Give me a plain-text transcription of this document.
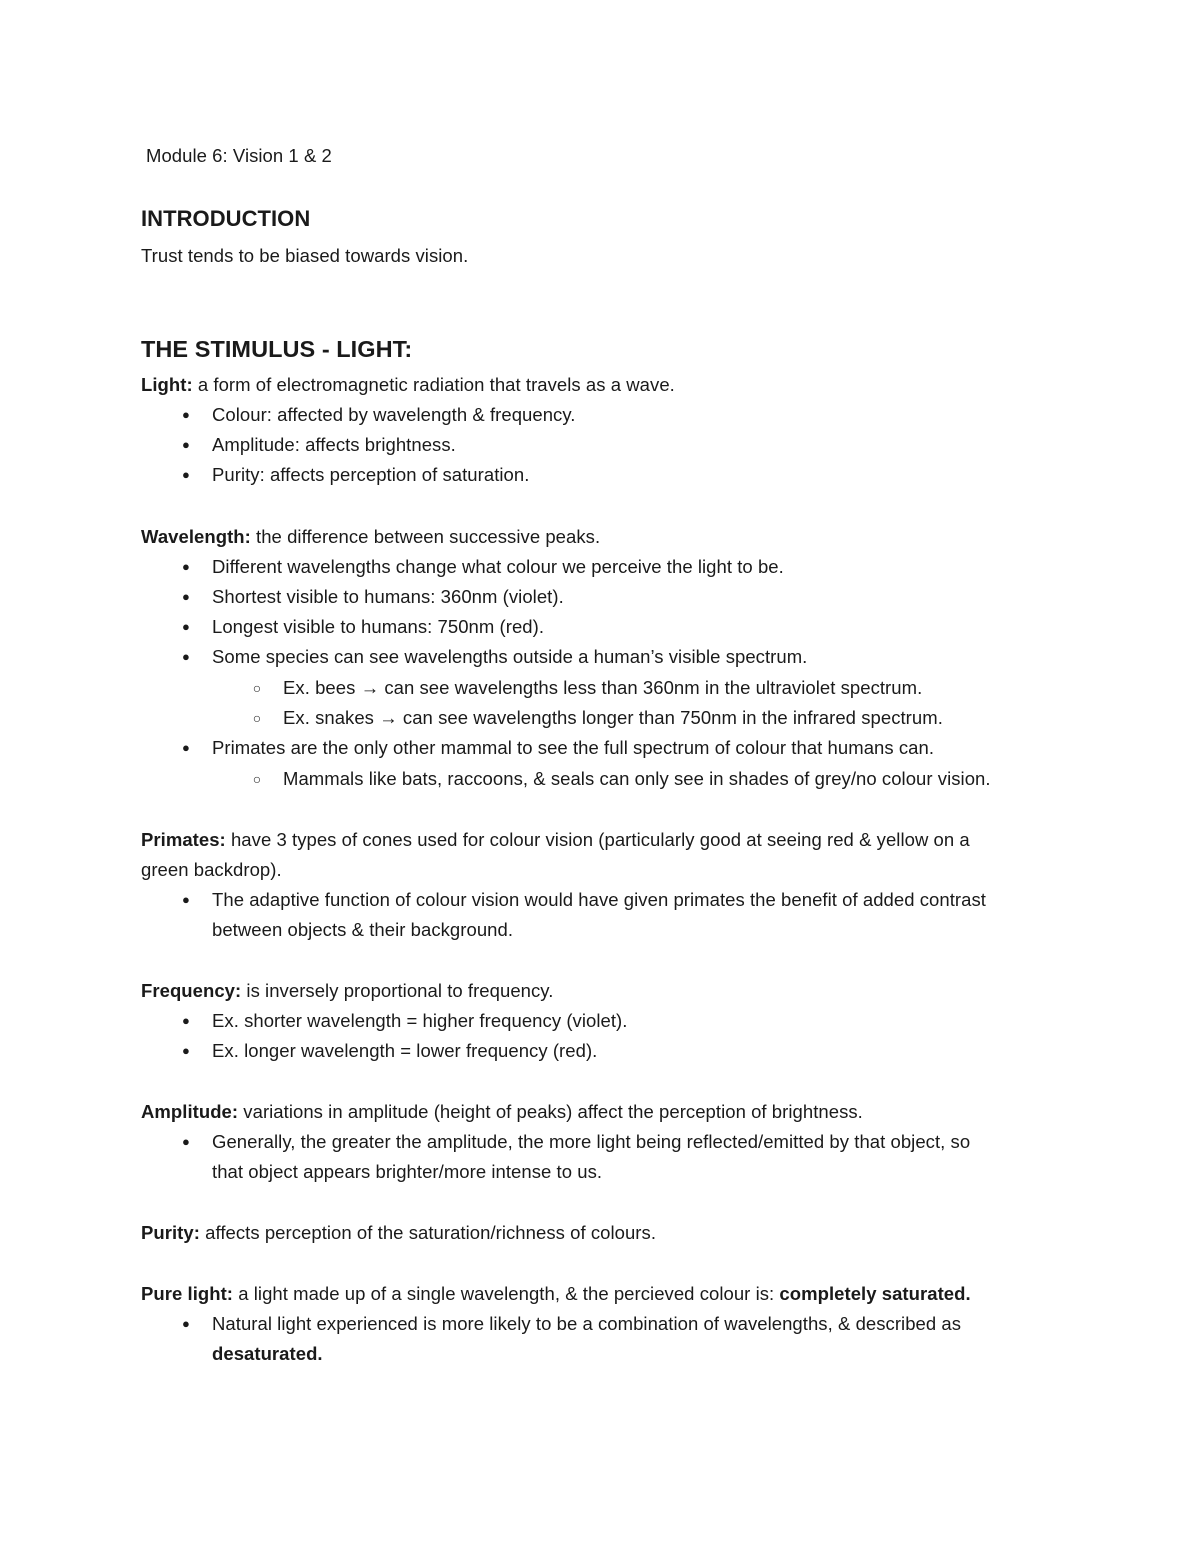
Module 6: Vision 1 & 2
INTRODUCTION
Trust tends to be biased towards vision.
THE STIMULUS - LIGHT:
Light: a form of electromagnetic radiation that travels as a wave.
●	Colour: affected by wavelength & frequency.
●	Amplitude: affects brightness.
●	Purity: affects perception of saturation.
Wavelength: the difference between successive peaks.
●	Different wavelengths change what colour we perceive the light to be.
●	Shortest visible to humans: 360nm (violet).
●	Longest visible to humans: 750nm (red).
●	Some species can see wavelengths outside a human’s visible spectrum.
○	Ex. bees → can see wavelengths less than 360nm in the ultraviolet spectrum.
○	Ex. snakes → can see wavelengths longer than 750nm in the infrared spectrum.
●	Primates are the only other mammal to see the full spectrum of colour that humans can.
○	Mammals like bats, raccoons, & seals can only see in shades of grey/no colour vision.
Primates: have 3 types of cones used for colour vision (particularly good at seeing red & yellow on a
green backdrop).
●	The adaptive function of colour vision would have given primates the benefit of added contrast
between objects & their background.
Frequency: is inversely proportional to frequency.
●	Ex. shorter wavelength = higher frequency (violet).
●	Ex. longer wavelength = lower frequency (red).
Amplitude: variations in amplitude (height of peaks) affect the perception of brightness.
●	Generally, the greater the amplitude, the more light being reflected/emitted by that object, so
that object appears brighter/more intense to us.
Purity: affects perception of the saturation/richness of colours.
Pure light: a light made up of a single wavelength, & the percieved colour is: completely saturated.
●	Natural light experienced is more likely to be a combination of wavelengths, & described as
desaturated.
